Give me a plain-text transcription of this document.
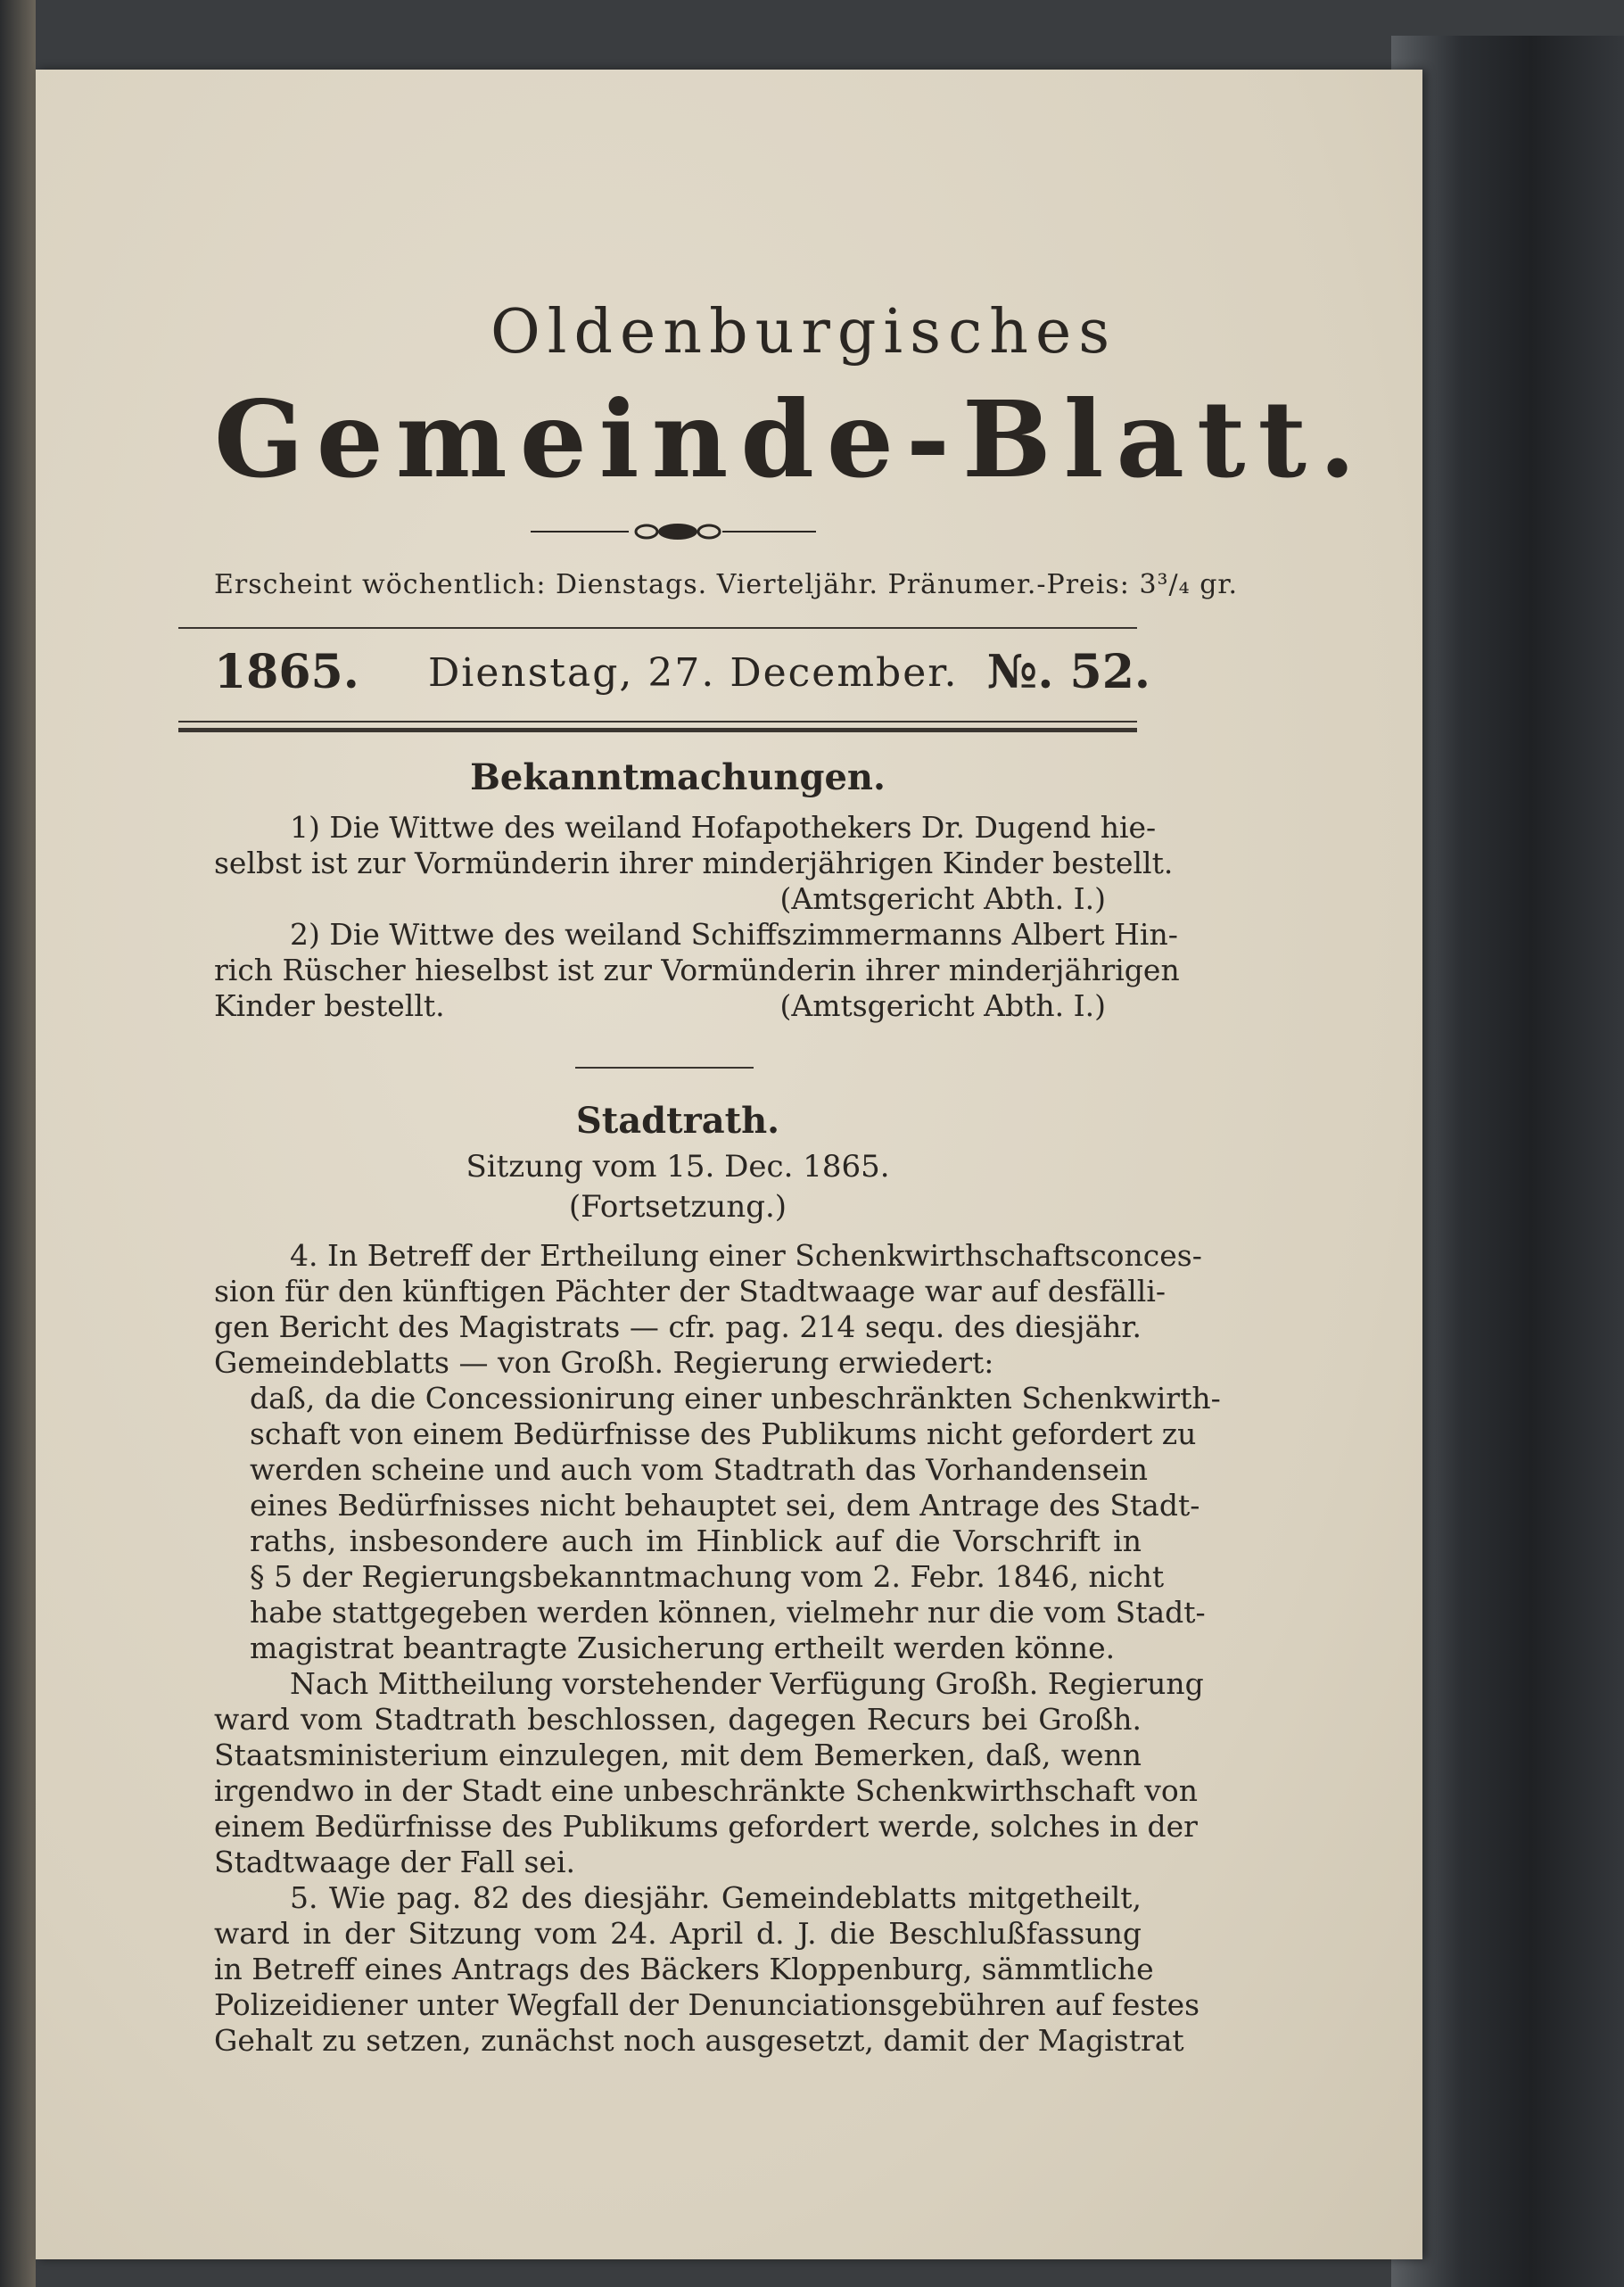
Oldenburgisches
Gemeinde-Blatt.
Erscheint wöchentlich: Dienstags. Vierteljähr. Pränumer.-Preis: 3³/₄ gr.
1865. Dienstag, 27. December. №. 52.
Bekanntmachungen.
1) Die Wittwe des weiland Hofapothekers Dr. Dugend hie-
selbst ist zur Vormünderin ihrer minderjährigen Kinder bestellt.
(Amtsgericht Abth. I.)
2) Die Wittwe des weiland Schiffszimmermanns Albert Hin-
rich Rüscher hieselbst ist zur Vormünderin ihrer minderjährigen
Kinder bestellt.	(Amtsgericht Abth. I.)
Stadtrath.
Sitzung vom 15. Dec. 1865.
(Fortsetzung.)
4. In Betreff der Ertheilung einer Schenkwirthschaftsconces-
sion für den künftigen Pächter der Stadtwaage war auf desfälli-
gen Bericht des Magistrats — cfr. pag. 214 sequ. des diesjähr.
Gemeindeblatts — von Großh. Regierung erwiedert:
daß, da die Concessionirung einer unbeschränkten Schenkwirth-
schaft von einem Bedürfnisse des Publikums nicht gefordert zu
werden scheine und auch vom Stadtrath das Vorhandensein
eines Bedürfnisses nicht behauptet sei, dem Antrage des Stadt-
raths, insbesondere auch im Hinblick auf die Vorschrift in
§ 5 der Regierungsbekanntmachung vom 2. Febr. 1846, nicht
habe stattgegeben werden können, vielmehr nur die vom Stadt-
magistrat beantragte Zusicherung ertheilt werden könne.
Nach Mittheilung vorstehender Verfügung Großh. Regierung
ward vom Stadtrath beschlossen, dagegen Recurs bei Großh.
Staatsministerium einzulegen, mit dem Bemerken, daß, wenn
irgendwo in der Stadt eine unbeschränkte Schenkwirthschaft von
einem Bedürfnisse des Publikums gefordert werde, solches in der
Stadtwaage der Fall sei.
5. Wie pag. 82 des diesjähr. Gemeindeblatts mitgetheilt,
ward in der Sitzung vom 24. April d. J. die Beschlußfassung
in Betreff eines Antrags des Bäckers Kloppenburg, sämmtliche
Polizeidiener unter Wegfall der Denunciationsgebühren auf festes
Gehalt zu setzen, zunächst noch ausgesetzt, damit der Magistrat
